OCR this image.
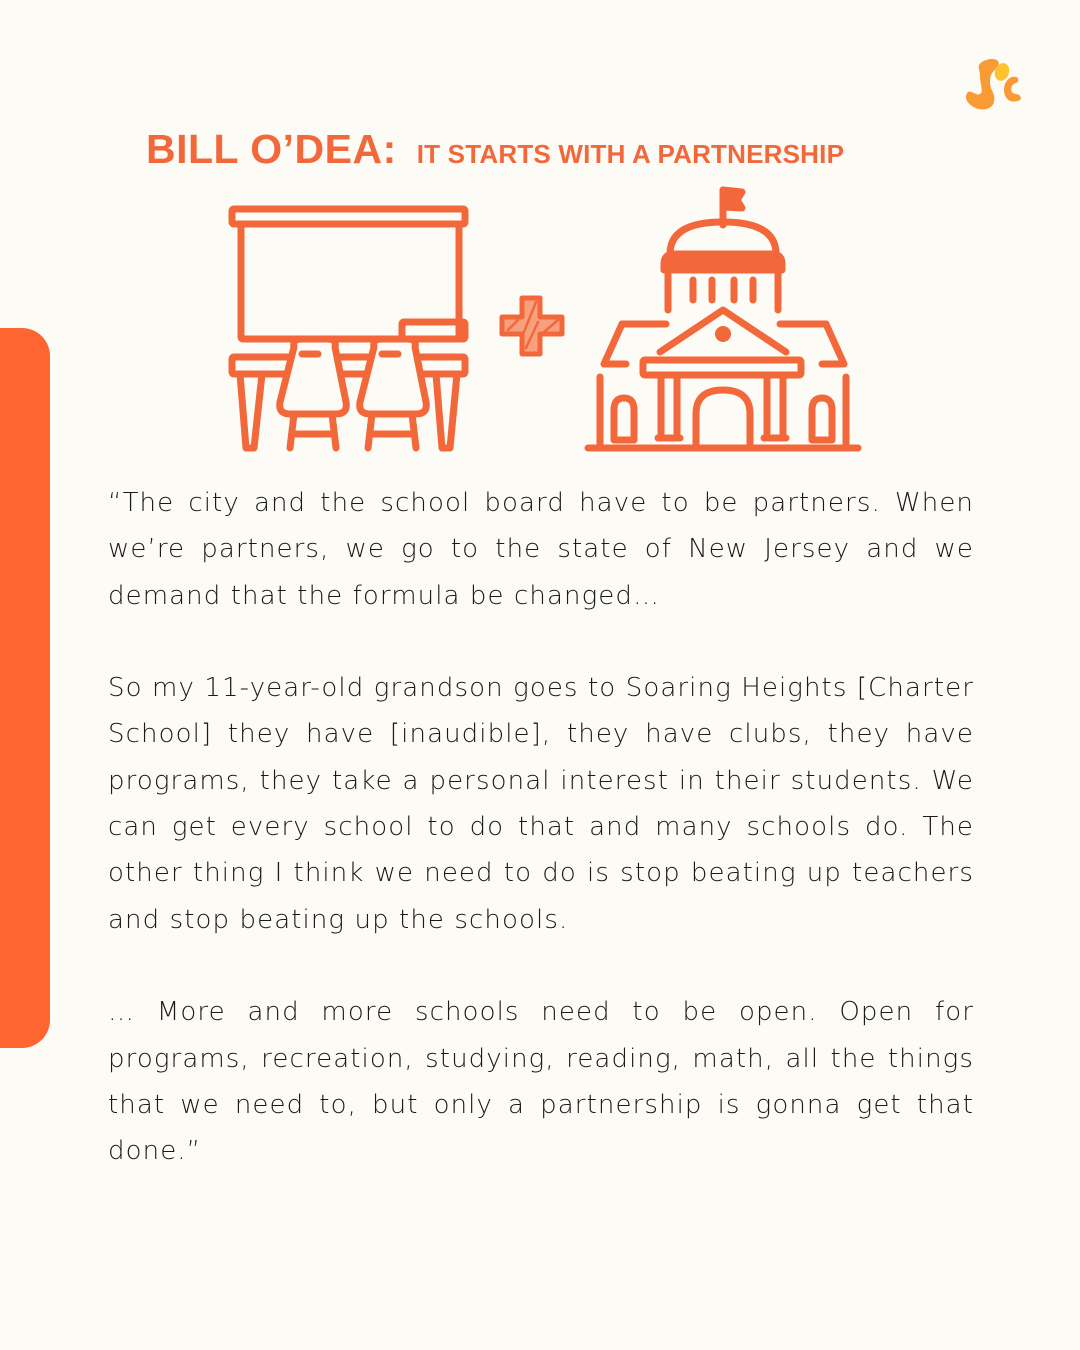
BILL O’DEA: IT STARTS WITH A PARTNERSHIP

“The city and the school board have to be partners. When we’re partners, we go to the state of New Jersey and we demand that the formula be changed…

So my 11-year-old grandson goes to Soaring Heights [Charter School] they have [inaudible], they have clubs, they have programs, they take a personal interest in their students. We can get every school to do that and many schools do. The other thing I think we need to do is stop beating up teachers and stop beating up the schools.

… More and more schools need to be open. Open for programs, recreation, studying, reading, math, all the things that we need to, but only a partnership is gonna get that done.”
